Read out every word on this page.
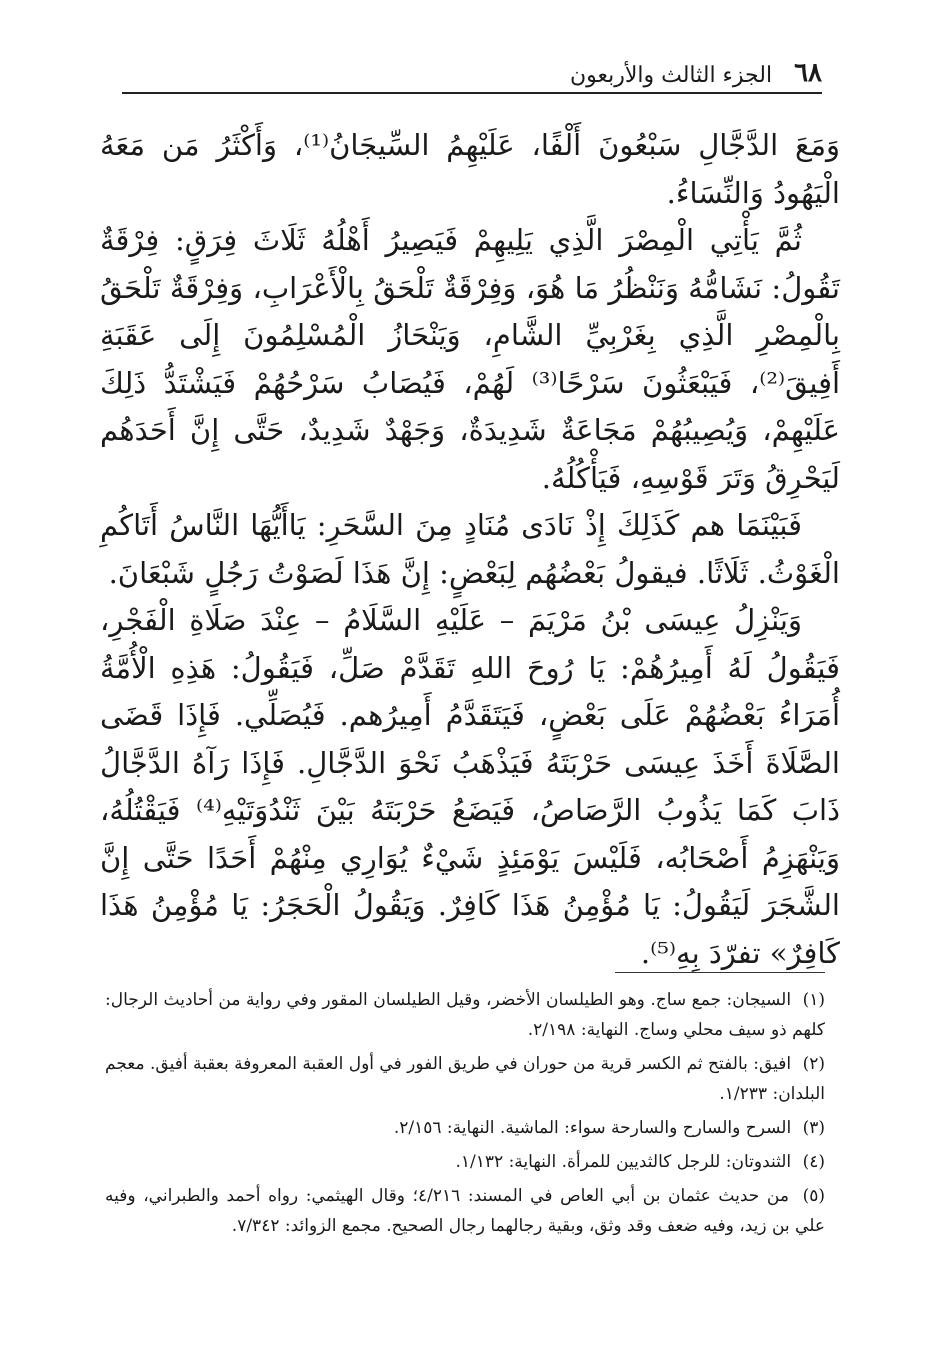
٦٨
الجزء الثالث والأربعون

وَمَعَ الدَّجَّالِ سَبْعُونَ أَلْفًا، عَلَيْهِمُ السِّيجَانُ⁽¹⁾، وَأَكْثَرُ مَن مَعَهُ الْيَهُودُ وَالنِّسَاءُ.

ثُمَّ يَأْتِي الْمِصْرَ الَّذِي يَلِيهِمْ فَيَصِيرُ أَهْلُهُ ثَلَاثَ فِرَقٍ: فِرْقَةٌ تَقُولُ: نَشَامُّهُ وَنَنْظُرُ مَا هُوَ، وَفِرْقَةٌ تَلْحَقُ بِالْأَعْرَابِ، وَفِرْقَةٌ تَلْحَقُ بِالْمِصْرِ الَّذِي بِغَرْبِيِّ الشَّامِ، وَيَنْحَازُ الْمُسْلِمُونَ إِلَى عَقَبَةِ أَفِيقَ⁽²⁾، فَيَبْعَثُونَ سَرْحًا⁽³⁾ لَهُمْ، فَيُصَابُ سَرْحُهُمْ فَيَشْتَدُّ ذَلِكَ عَلَيْهِمْ، وَيُصِيبُهُمْ مَجَاعَةٌ شَدِيدَةٌ، وَجَهْدٌ شَدِيدٌ، حَتَّى إِنَّ أَحَدَهُم لَيَحْرِقُ وَتَرَ قَوْسِهِ، فَيَأْكُلُهُ.

فَبَيْنَمَا هم كَذَلِكَ إِذْ نَادَى مُنَادٍ مِنَ السَّحَرِ: يَاأَيُّهَا النَّاسُ أَتَاكُمِ الْغَوْثُ. ثَلَاثًا. فيقولُ بَعْضُهُم لِبَعْضٍ: إِنَّ هَذَا لَصَوْتُ رَجُلٍ شَبْعَانَ.

وَيَنْزِلُ عِيسَى بْنُ مَرْيَمَ – عَلَيْهِ السَّلَامُ – عِنْدَ صَلَاةِ الْفَجْرِ، فَيَقُولُ لَهُ أَمِيرُهُمْ: يَا رُوحَ اللهِ تَقَدَّمْ صَلِّ، فَيَقُولُ: هَذِهِ الْأُمَّةُ أُمَرَاءُ بَعْضُهُمْ عَلَى بَعْضٍ، فَيَتَقَدَّمُ أَمِيرُهم. فَيُصَلِّي. فَإِذَا قَضَى الصَّلَاةَ أَخَذَ عِيسَى حَرْبَتَهُ فَيَذْهَبُ نَحْوَ الدَّجَّالِ. فَإِذَا رَآهُ الدَّجَّالُ ذَابَ كَمَا يَذُوبُ الرَّصَاصُ، فَيَضَعُ حَرْبَتَهُ بَيْنَ ثَنْدُوَتَيْهِ⁽⁴⁾ فَيَقْتُلُهُ، وَيَنْهَزِمُ أَصْحَابُه، فَلَيْسَ يَوْمَئِذٍ شَيْءٌ يُوَارِي مِنْهُمْ أَحَدًا حَتَّى إِنَّ الشَّجَرَ لَيَقُولُ: يَا مُؤْمِنُ هَذَا كَافِرٌ. وَيَقُولُ الْحَجَرُ: يَا مُؤْمِنُ هَذَا كَافِرٌ» تفرّدَ بِهِ⁽⁵⁾.

(١) السيجان: جمع ساج. وهو الطيلسان الأخضر، وقيل الطيلسان المقور وفي رواية من أحاديث الرجال: كلهم ذو سيف محلي وساج. النهاية: ٢/١٩٨.

(٢) افيق: بالفتح ثم الكسر قرية من حوران في طريق الفور في أول العقبة المعروفة بعقبة أفيق. معجم البلدان: ١/٢٣٣.

(٣) السرح والسارح والسارحة سواء: الماشية. النهاية: ٢/١٥٦.

(٤) الثندوتان: للرجل كالثديين للمرأة. النهاية: ١/١٣٢.

(٥) من حديث عثمان بن أبي العاص في المسند: ٤/٢١٦؛ وقال الهيثمي: رواه أحمد والطبراني، وفيه علي بن زيد، وفيه ضعف وقد وثق، وبقية رجالهما رجال الصحيح. مجمع الزوائد: ٧/٣٤٢.
